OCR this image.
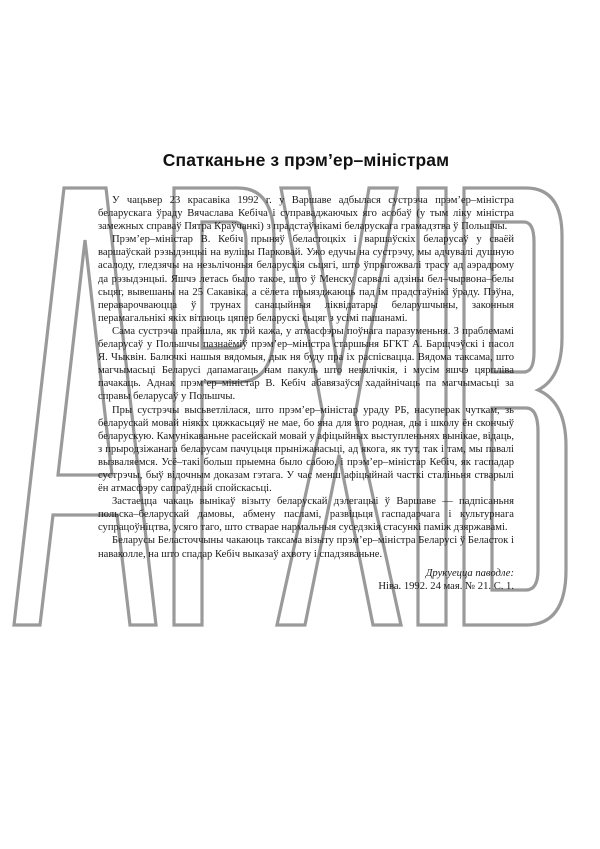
Спатканьне з прэм’ер–міністрам

У чацьвер 23 красавіка 1992 г. у Варшаве адбылася сустрэча прэм’ер–міністра беларускага ўраду Вячаслава Кебіча і суправаджаючых яго асобаў (у тым ліку міністра замежных справаў Пятра Краўчанкі) з прадстаўнікамі беларускага грамадзтва ў Польшчы.

Прэм’ер–міністар В. Кебіч прыняў беластоцкіх і варшаўскіх беларусаў у сваёй варшаўскай рэзыдэнцыі на вуліцы Парковай. Ужо едучы на сустрэчу, мы адчувалі душную асалоду, гледзячы на незьлічоныя беларускія сьцягі, што ўпрыгожвалі трасу ад аэрадрому да рэзыдэнцыі. Яшчэ летась было такое, што ў Менску сарвалі адзіны бел–чырвона–белы сьцяг, вывешаны на 25 Сакавіка, а сёлета прыязджаюць пад ім прадстаўнікі ўраду. Пэўна, пераварочваюцца ў трунах санацыйныя ліквідатары беларушчыны, законныя перамагальнікі якіх вітаюць цяпер беларускі сьцяг з усімі пашанамі.

Сама сустрэча прайшла, як той кажа, у атмасфэры поўнага паразуменьня. З праблемамі беларусаў у Польшчы пазнаёміў прэм’ер–міністра старшыня БГКТ А. Барщчэўскі і пасол Я. Чыквін. Балючкі нашыя вядомыя, дык ня буду пра іх распісвацца. Вядома таксама, што магчымасьці Беларусі дапамагаць нам пакуль што невялічкія, і мусім яшчэ цярпліва пачакаць. Аднак прэм’ер–міністар В. Кебіч абавязаўся хадайнічаць па магчымасьці за справы беларусаў у Польшчы.

Пры сустрэчы высьветлілася, што прэм’ер–міністар ураду РБ, насуперак чуткам, зь беларускай мовай ніякіх цяжкасьцяў не мае, бо яна для яго родная, ды і школу ён скончыў беларускую. Камунікаваньне расейскай мовай у афіцыйных выступленьнях вынікае, відаць, з прыродзіжанага беларусам пачуцьця прыніжанасьці, ад якога, як тут, так і там, мы павалі вызваляемся. Усё–такі больш прыемна было сабою, і прэм’ер–міністар Кебіч, як гаспадар сустрэчы, быў відочным доказам гэтага. У час менш афіцыйнай часткі сталіньня стварылі ён атмасфэру сапраўднай спойскасьці.

Застаецца чакаць вынікаў візыту беларускай дэлегацыі ў Варшаве — падпісаньня польска–беларускай дамовы, абмену пасламі, развіцьця гаспадарчага і культурнага супрацоўніцтва, усяго таго, што стварае нармальныя суседзкія стасункі паміж дзяржавамі.

Беларусы Беласточчыны чакаюць таксама візыту прэм’ер–міністра Беларусі ў Беласток і наваколле, на што спадар Кебіч выказаў ахвоту і спадзяваньне.

Друкуецца паводле:
Ніва. 1992. 24 мая. № 21. С. 1.
